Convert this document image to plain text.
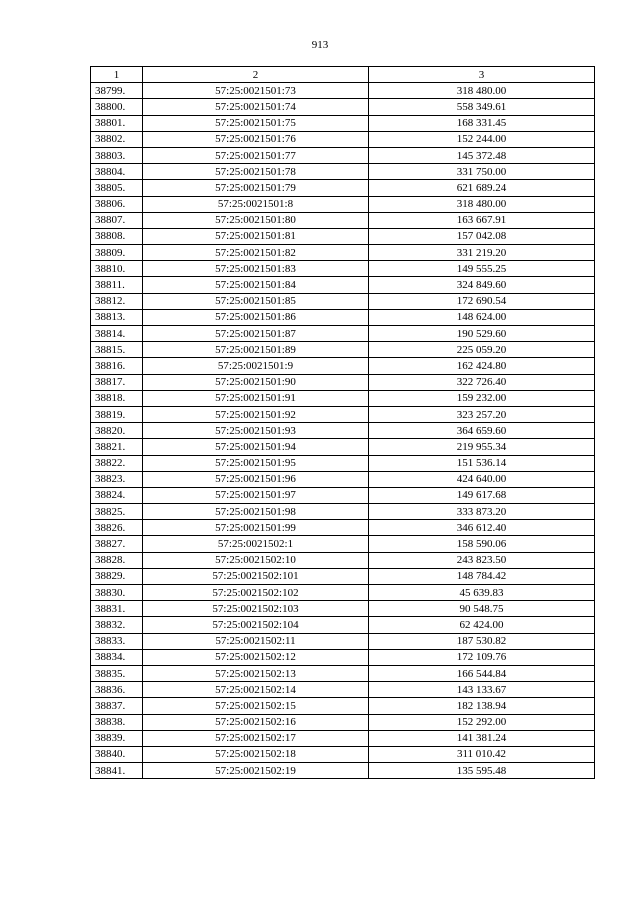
913
1	2	3
38799.	57:25:0021501:73	318 480.00
38800.	57:25:0021501:74	558 349.61
38801.	57:25:0021501:75	168 331.45
38802.	57:25:0021501:76	152 244.00
38803.	57:25:0021501:77	145 372.48
38804.	57:25:0021501:78	331 750.00
38805.	57:25:0021501:79	621 689.24
38806.	57:25:0021501:8	318 480.00
38807.	57:25:0021501:80	163 667.91
38808.	57:25:0021501:81	157 042.08
38809.	57:25:0021501:82	331 219.20
38810.	57:25:0021501:83	149 555.25
38811.	57:25:0021501:84	324 849.60
38812.	57:25:0021501:85	172 690.54
38813.	57:25:0021501:86	148 624.00
38814.	57:25:0021501:87	190 529.60
38815.	57:25:0021501:89	225 059.20
38816.	57:25:0021501:9	162 424.80
38817.	57:25:0021501:90	322 726.40
38818.	57:25:0021501:91	159 232.00
38819.	57:25:0021501:92	323 257.20
38820.	57:25:0021501:93	364 659.60
38821.	57:25:0021501:94	219 955.34
38822.	57:25:0021501:95	151 536.14
38823.	57:25:0021501:96	424 640.00
38824.	57:25:0021501:97	149 617.68
38825.	57:25:0021501:98	333 873.20
38826.	57:25:0021501:99	346 612.40
38827.	57:25:0021502:1	158 590.06
38828.	57:25:0021502:10	243 823.50
38829.	57:25:0021502:101	148 784.42
38830.	57:25:0021502:102	45 639.83
38831.	57:25:0021502:103	90 548.75
38832.	57:25:0021502:104	62 424.00
38833.	57:25:0021502:11	187 530.82
38834.	57:25:0021502:12	172 109.76
38835.	57:25:0021502:13	166 544.84
38836.	57:25:0021502:14	143 133.67
38837.	57:25:0021502:15	182 138.94
38838.	57:25:0021502:16	152 292.00
38839.	57:25:0021502:17	141 381.24
38840.	57:25:0021502:18	311 010.42
38841.	57:25:0021502:19	135 595.48
